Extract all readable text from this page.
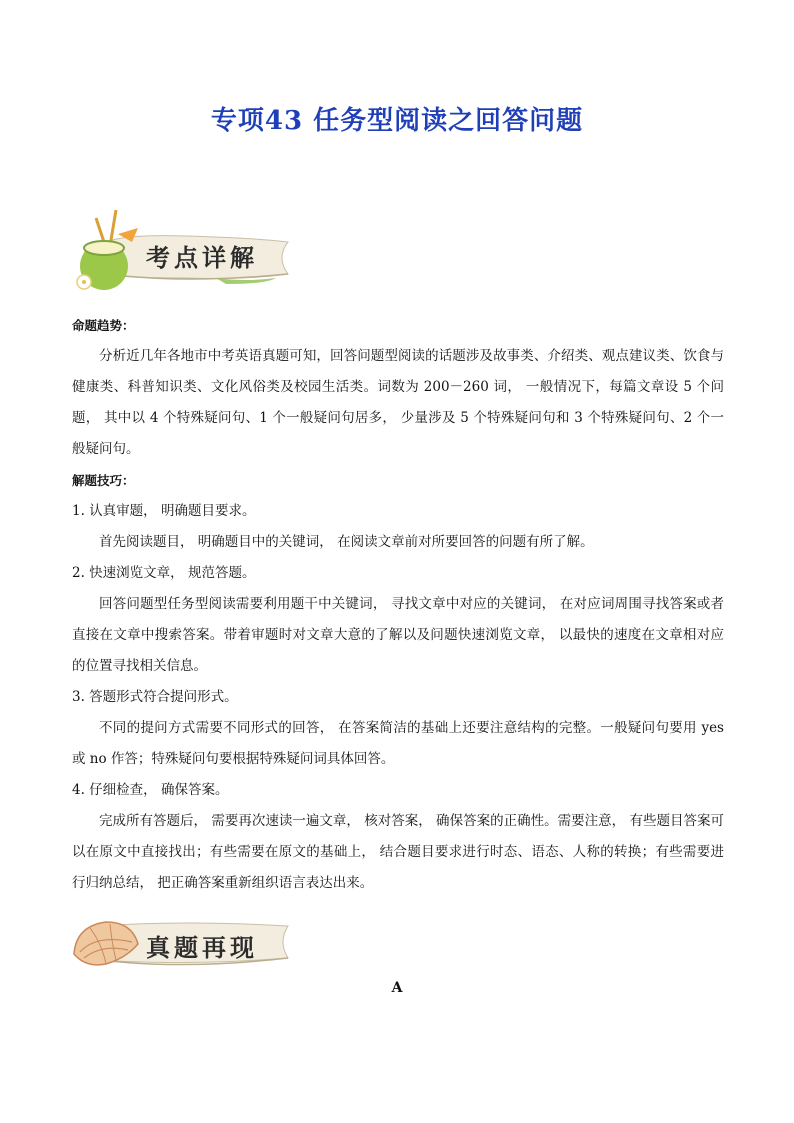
专项43 任务型阅读之回答问题
考点详解

命题趋势：

分析近几年各地市中考英语真题可知，回答问题型阅读的话题涉及故事类、介绍类、观点建议类、饮食与健康类、科普知识类、文化风俗类及校园生活类。词数为 200－260 词， 一般情况下，每篇文章设 5 个问题， 其中以 4 个特殊疑问句、1 个一般疑问句居多， 少量涉及 5 个特殊疑问句和 3 个特殊疑问句、2 个一般疑问句。

解题技巧：

1. 认真审题， 明确题目要求。

首先阅读题目， 明确题目中的关键词， 在阅读文章前对所要回答的问题有所了解。

2. 快速浏览文章， 规范答题。

回答问题型任务型阅读需要利用题干中关键词， 寻找文章中对应的关键词， 在对应词周围寻找答案或者直接在文章中搜索答案。带着审题时对文章大意的了解以及问题快速浏览文章， 以最快的速度在文章相对应的位置寻找相关信息。

3. 答题形式符合提问形式。

不同的提问方式需要不同形式的回答， 在答案简洁的基础上还要注意结构的完整。一般疑问句要用 yes 或 no 作答；特殊疑问句要根据特殊疑问词具体回答。

4. 仔细检查， 确保答案。

完成所有答题后， 需要再次速读一遍文章， 核对答案， 确保答案的正确性。需要注意， 有些题目答案可以在原文中直接找出；有些需要在原文的基础上， 结合题目要求进行时态、语态、人称的转换；有些需要进行归纳总结， 把正确答案重新组织语言表达出来。

真题再现
A
